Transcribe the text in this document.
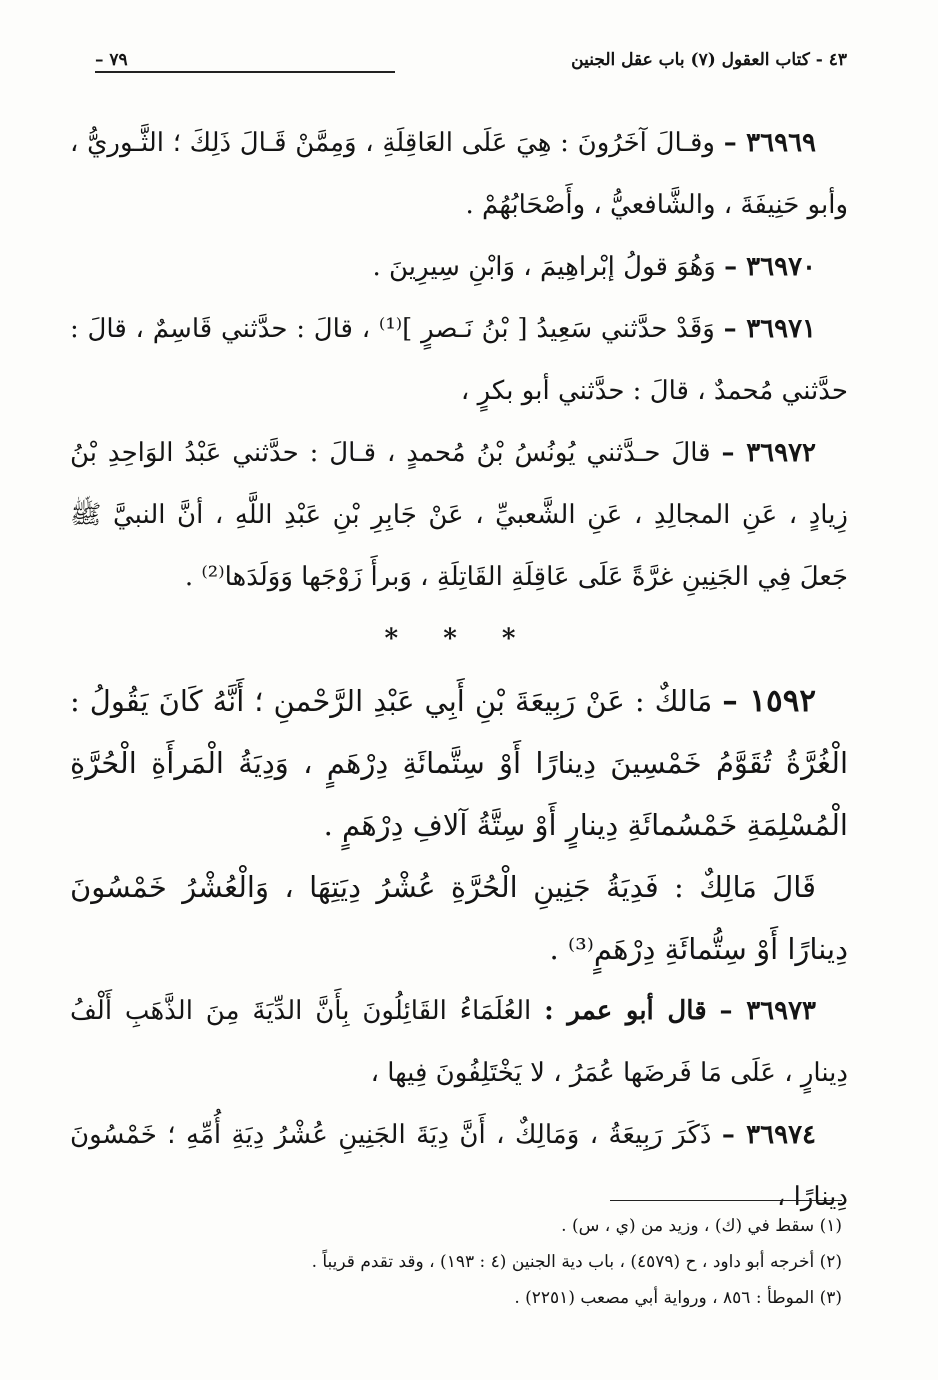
– ٧٩	٤٣ - كتاب العقول (٧) باب عقل الجنين

٣٦٩٦٩ – وقـالَ آخَرُونَ : هِيَ عَلَى العَاقِلَةِ ، وَمِمَّنْ قَـالَ ذَلِكَ ؛ الثَّـوريُّ ، وأبو حَنِيفَةَ ، والشَّافعيُّ ، وأَصْحَابُهُمْ .

٣٦٩٧٠ – وَهُوَ قولُ إبْراهِيمَ ، وَابْنِ سِيرِينَ .

٣٦٩٧١ – وَقَدْ حدَّثني سَعِيدُ [ بْنُ نَـصرٍ ]⁽¹⁾ ، قالَ : حدَّثني قَاسِمٌ ، قالَ : حدَّثني مُحمدٌ ، قالَ : حدَّثني أبو بكرٍ ،

٣٦٩٧٢ – قالَ حـدَّثني يُونُسُ بْنُ مُحمدٍ ، قـالَ : حدَّثني عَبْدُ الوَاحِدِ بْنُ زِيادٍ ، عَنِ المجالِدِ ، عَنِ الشَّعبيِّ ، عَنْ جَابِرِ بْنِ عَبْدِ اللَّهِ ، أنَّ النبيَّ ﷺ جَعلَ فِي الجَنِينِ غرَّةً عَلَى عَاقِلَةِ القَاتِلَةِ ، وَبرأَ زَوْجَها وَوَلَدَها⁽²⁾ .

* * *

١٥٩٢ – مَالكٌ : عَنْ رَبِيعَةَ بْنِ أَبِي عَبْدِ الرَّحْمنِ ؛ أَنَّهُ كَانَ يَقُولُ : الْغُرَّةُ تُقَوَّمُ خَمْسِينَ دِينارًا أَوْ سِتَّمائَةِ دِرْهَمٍ ، وَدِيَةُ الْمَرأَةِ الْحُرَّةِ الْمُسْلِمَةِ خَمْسُمائَةِ دِينارٍ أَوْ سِتَّةُ آلافِ دِرْهَمٍ .

قَالَ مَالِكٌ : فَدِيَةُ جَنِينِ الْحُرَّةِ عُشْرُ دِيَتِهَا ، وَالْعُشْرُ خَمْسُونَ دِينارًا أَوْ سِتُّمائَةِ دِرْهَمٍ⁽³⁾ .

٣٦٩٧٣ – قال أبو عمر : العُلَمَاءُ القَائِلُونَ بِأَنَّ الدِّيَةَ مِنَ الذَّهَبِ أَلْفُ دِينارٍ ، عَلَى مَا فَرضَها عُمَرُ ، لا يَخْتَلِفُونَ فِيها ،

٣٦٩٧٤ – ذَكَرَ رَبِيعَةُ ، وَمَالِكٌ ، أَنَّ دِيَةَ الجَنِينِ عُشْرُ دِيَةِ أُمِّهِ ؛ خَمْسُونَ دِينارًا ،

(١) سقط في (ك) ، وزيد من (ي ، س) .

(٢) أخرجه أبو داود ، ح (٤٥٧٩) ، باب دية الجنين (٤ : ١٩٣) ، وقد تقدم قريباً .

(٣) الموطأ : ٨٥٦ ، ورواية أبي مصعب (٢٢٥١) .
